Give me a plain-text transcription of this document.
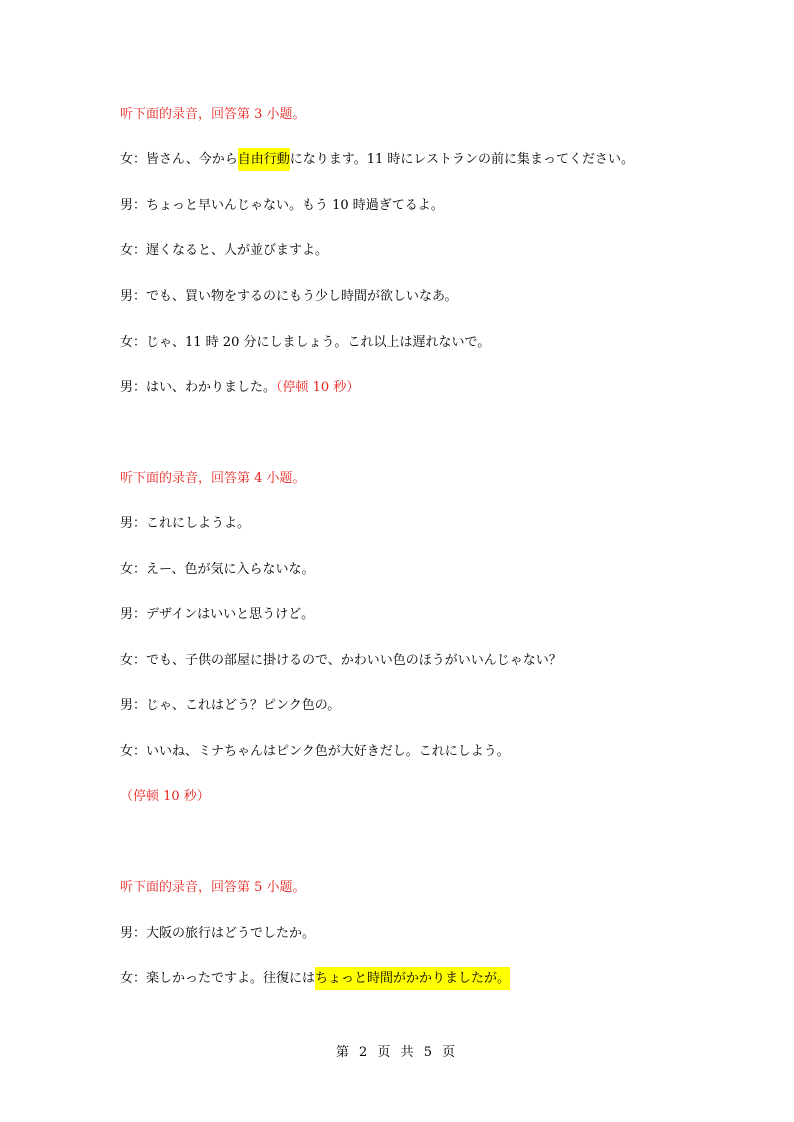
听下面的录音，回答第 3 小题。
女：皆さん、今から自由行動になります。11 時にレストランの前に集まってください。
男：ちょっと早いんじゃない。もう 10 時過ぎてるよ。
女：遅くなると、人が並びますよ。
男：でも、買い物をするのにもう少し時間が欲しいなあ。
女：じゃ、11 時 20 分にしましょう。これ以上は遅れないで。
男：はい、わかりました。（停顿 10 秒）
听下面的录音，回答第 4 小题。
男：これにしようよ。
女：えー、色が気に入らないな。
男：デザインはいいと思うけど。
女：でも、子供の部屋に掛けるので、かわいい色のほうがいいんじゃない？
男：じゃ、これはどう？ピンク色の。
女：いいね、ミナちゃんはピンク色が大好きだし。これにしよう。
（停顿 10 秒）
听下面的录音，回答第 5 小题。
男：大阪の旅行はどうでしたか。
女：楽しかったですよ。往復にはちょっと時間がかかりましたが。
第 2 页 共 5 页
